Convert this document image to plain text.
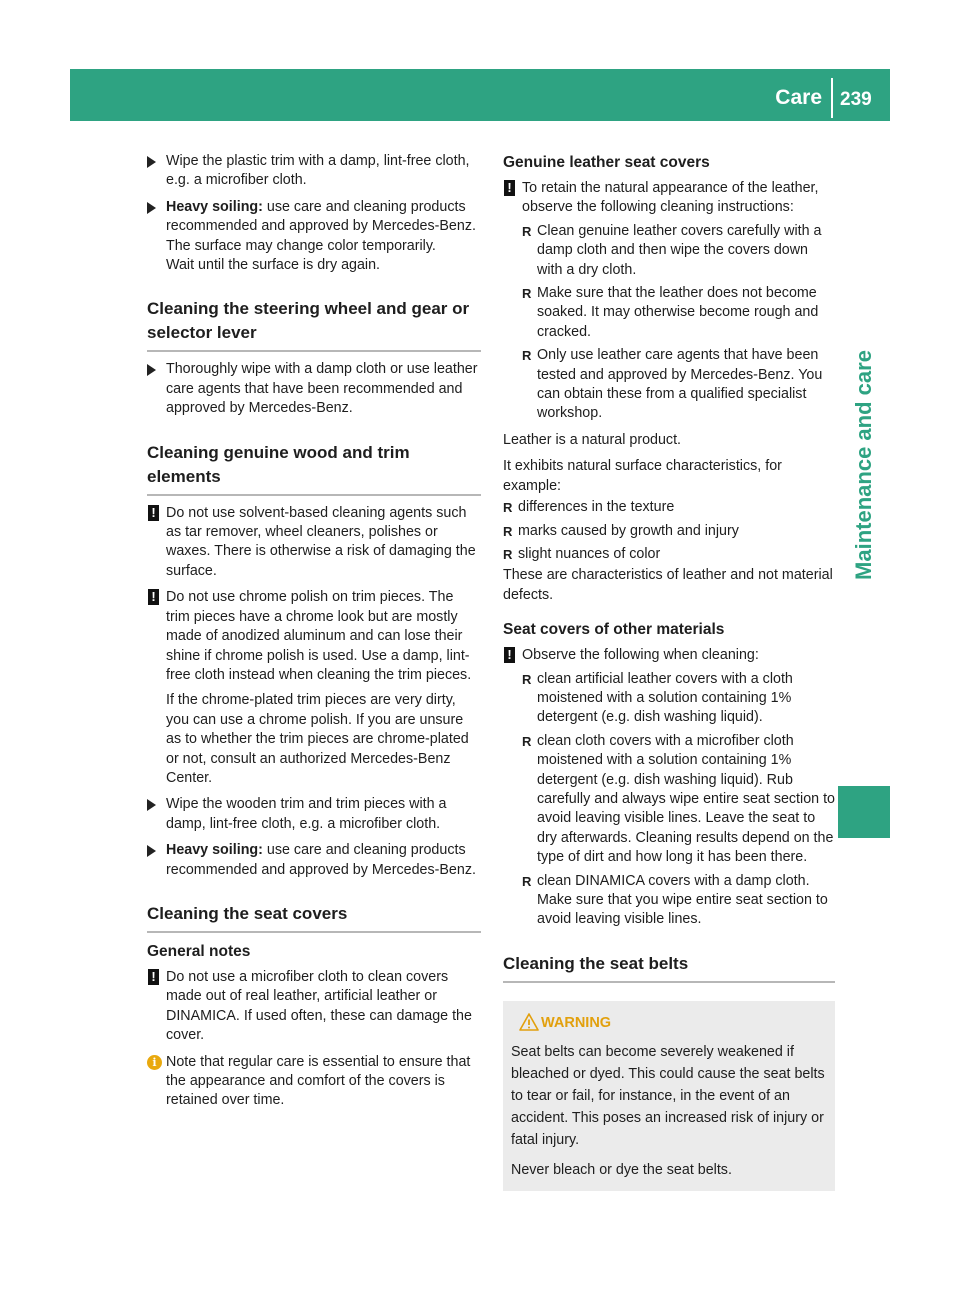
Care 239
Maintenance and care
Wipe the plastic trim with a damp, lint-free cloth, e.g. a microfiber cloth.
Heavy soiling: use care and cleaning products recommended and approved by Mercedes-Benz.
The surface may change color temporarily.
Wait until the surface is dry again.
Cleaning the steering wheel and gear or selector lever
Thoroughly wipe with a damp cloth or use leather care agents that have been recommended and approved by Mercedes-Benz.
Cleaning genuine wood and trim elements
! Do not use solvent-based cleaning agents such as tar remover, wheel cleaners, polishes or waxes. There is otherwise a risk of damaging the surface.
! Do not use chrome polish on trim pieces. The trim pieces have a chrome look but are mostly made of anodized aluminum and can lose their shine if chrome polish is used. Use a damp, lint-free cloth instead when cleaning the trim pieces.
If the chrome-plated trim pieces are very dirty, you can use a chrome polish. If you are unsure as to whether the trim pieces are chrome-plated or not, consult an authorized Mercedes-Benz Center.
Wipe the wooden trim and trim pieces with a damp, lint-free cloth, e.g. a microfiber cloth.
Heavy soiling: use care and cleaning products recommended and approved by Mercedes-Benz.
Cleaning the seat covers
General notes
! Do not use a microfiber cloth to clean covers made out of real leather, artificial leather or DINAMICA. If used often, these can damage the cover.
i Note that regular care is essential to ensure that the appearance and comfort of the covers is retained over time.
Genuine leather seat covers
! To retain the natural appearance of the leather, observe the following cleaning instructions:
R Clean genuine leather covers carefully with a damp cloth and then wipe the covers down with a dry cloth.
R Make sure that the leather does not become soaked. It may otherwise become rough and cracked.
R Only use leather care agents that have been tested and approved by Mercedes-Benz. You can obtain these from a qualified specialist workshop.
Leather is a natural product.
It exhibits natural surface characteristics, for example:
R differences in the texture
R marks caused by growth and injury
R slight nuances of color
These are characteristics of leather and not material defects.
Seat covers of other materials
! Observe the following when cleaning:
R clean artificial leather covers with a cloth moistened with a solution containing 1% detergent (e.g. dish washing liquid).
R clean cloth covers with a microfiber cloth moistened with a solution containing 1% detergent (e.g. dish washing liquid). Rub carefully and always wipe entire seat section to avoid leaving visible lines. Leave the seat to dry afterwards. Cleaning results depend on the type of dirt and how long it has been there.
R clean DINAMICA covers with a damp cloth. Make sure that you wipe entire seat section to avoid leaving visible lines.
Cleaning the seat belts
WARNING
Seat belts can become severely weakened if bleached or dyed. This could cause the seat belts to tear or fail, for instance, in the event of an accident. This poses an increased risk of injury or fatal injury.
Never bleach or dye the seat belts.
